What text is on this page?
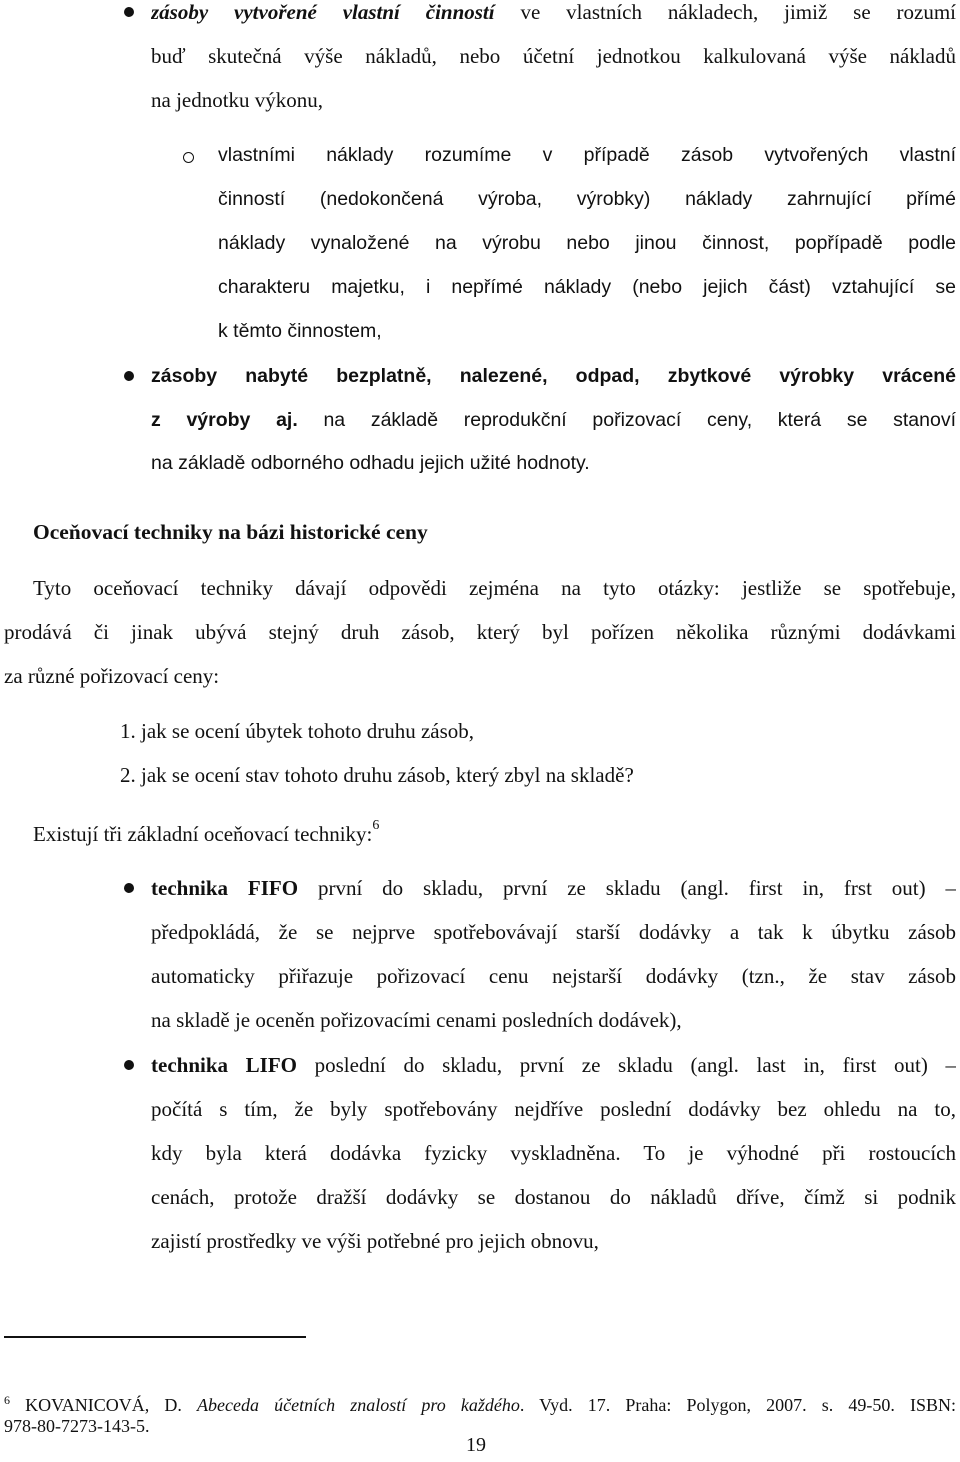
zásoby vytvořené vlastní činností ve vlastních nákladech, jimiž se rozumí
buď skutečná výše nákladů, nebo účetní jednotkou kalkulovaná výše nákladů
na jednotku výkonu,
vlastními náklady rozumíme v případě zásob vytvořených vlastní
činností (nedokončená výroba, výrobky) náklady zahrnující přímé
náklady vynaložené na výrobu nebo jinou činnost, popřípadě podle
charakteru majetku, i nepřímé náklady (nebo jejich část) vztahující se
k těmto činnostem,
zásoby nabyté bezplatně, nalezené, odpad, zbytkové výrobky vrácené
z výroby aj. na základě reprodukční pořizovací ceny, která se stanoví
na základě odborného odhadu jejich užité hodnoty.
Oceňovací techniky na bázi historické ceny
Tyto oceňovací techniky dávají odpovědi zejména na tyto otázky: jestliže se spotřebuje,
prodává či jinak ubývá stejný druh zásob, který byl pořízen několika různými dodávkami
za různé pořizovací ceny:
1. jak se ocení úbytek tohoto druhu zásob,
2. jak se ocení stav tohoto druhu zásob, který zbyl na skladě?
Existují tři základní oceňovací techniky:$^6$
technika FIFO první do skladu, první ze skladu (angl. first in, frst out) –
předpokládá, že se nejprve spotřebovávají starší dodávky a tak k úbytku zásob
automaticky přiřazuje pořizovací cenu nejstarší dodávky (tzn., že stav zásob
na skladě je oceněn pořizovacími cenami posledních dodávek),
technika LIFO poslední do skladu, první ze skladu (angl. last in, first out) –
počítá s tím, že byly spotřebovány nejdříve poslední dodávky bez ohledu na to,
kdy byla která dodávka fyzicky vyskladněna. To je výhodné při rostoucích
cenách, protože dražší dodávky se dostanou do nákladů dříve, čímž si podnik
zajistí prostředky ve výši potřebné pro jejich obnovu,
$^6$ KOVANICOVÁ, D. Abeceda účetních znalostí pro každého. Vyd. 17. Praha: Polygon, 2007. s. 49-50. ISBN:
978-80-7273-143-5.
19
